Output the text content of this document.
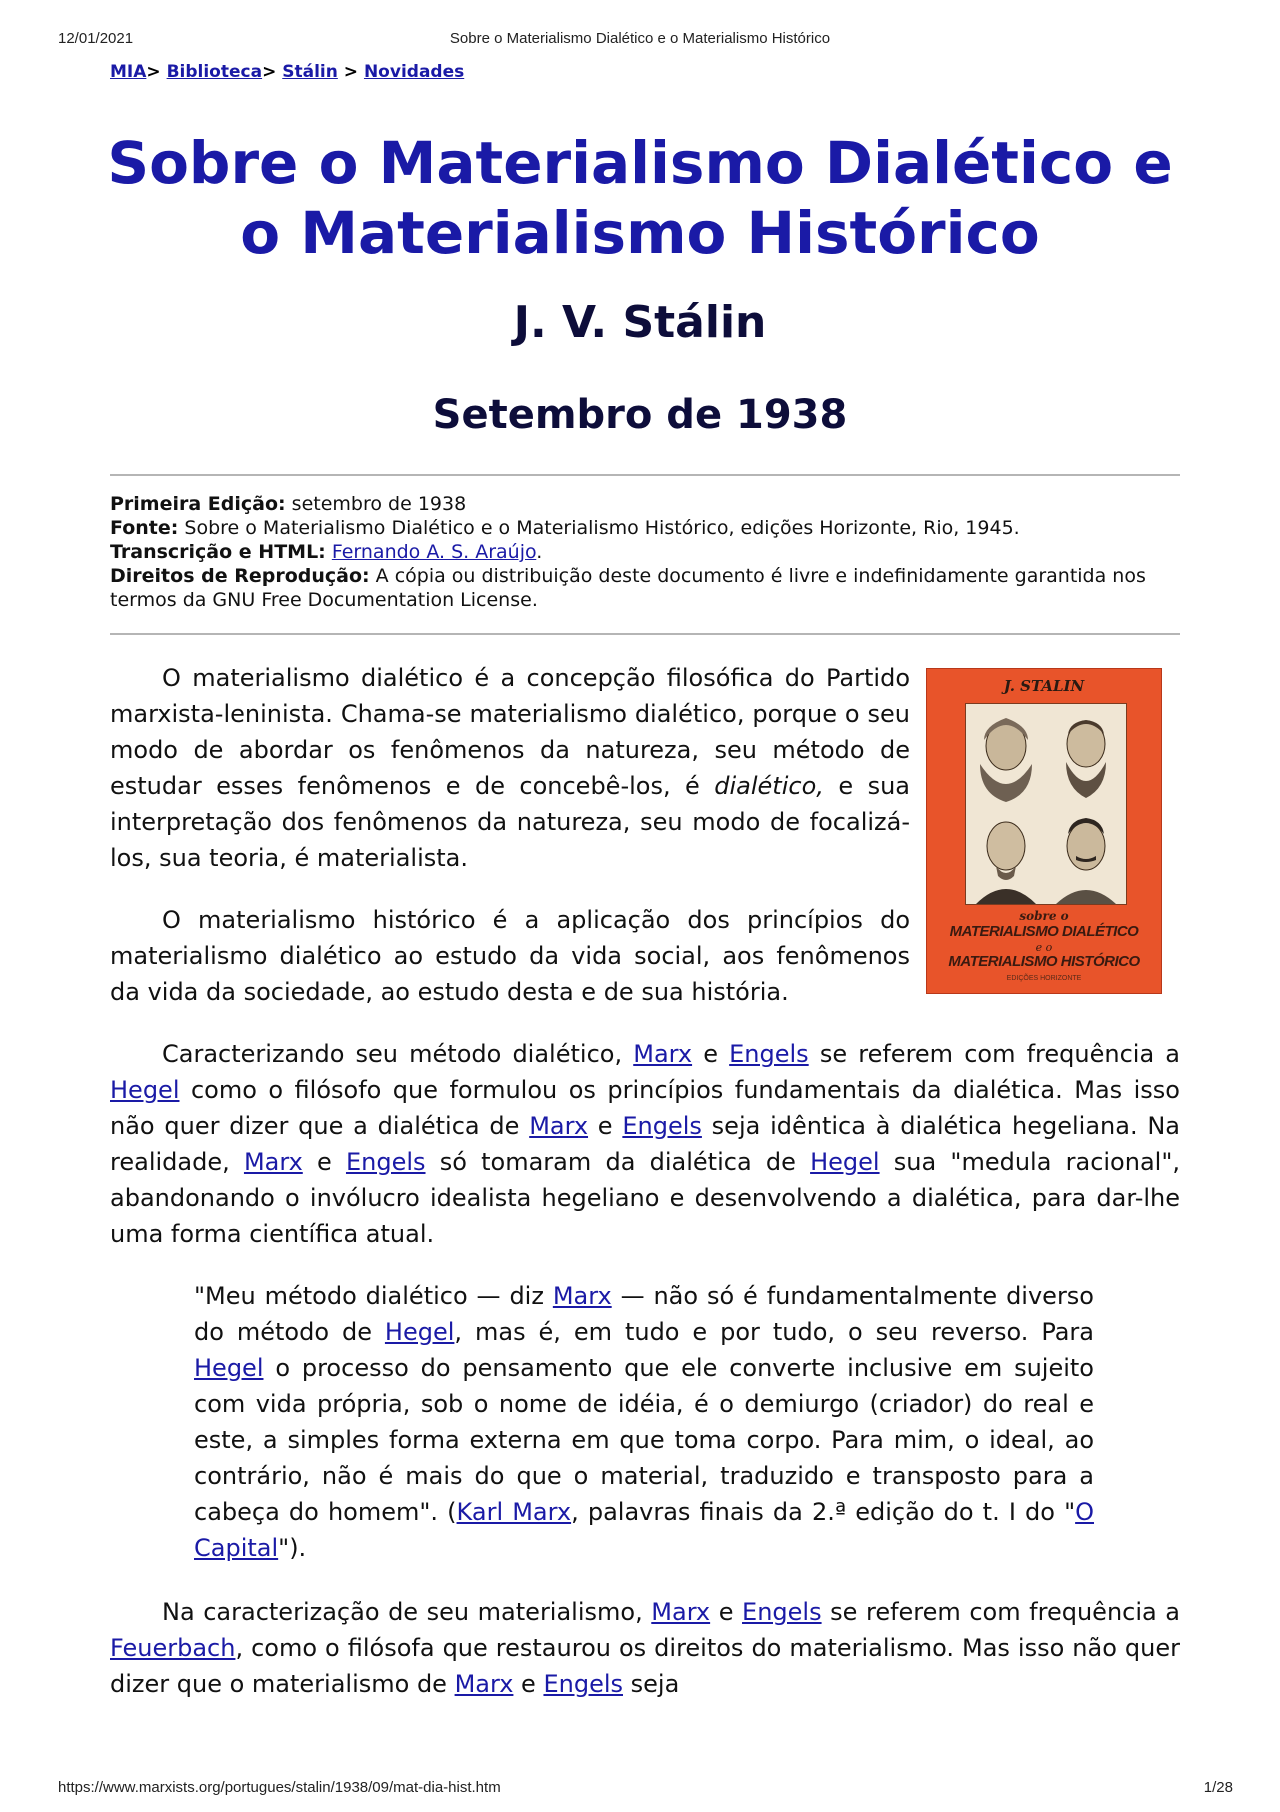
12/01/2021	Sobre o Materialismo Dialético e o Materialismo Histórico
MIA> Biblioteca> Stálin > Novidades
Sobre o Materialismo Dialético e
o Materialismo Histórico
J. V. Stálin
Setembro de 1938
Primeira Edição: setembro de 1938
Fonte: Sobre o Materialismo Dialético e o Materialismo Histórico, edições Horizonte, Rio, 1945.
Transcrição e HTML: Fernando A. S. Araújo.
Direitos de Reprodução: A cópia ou distribuição deste documento é livre e indefinidamente garantida nos termos da GNU Free Documentation License.
J. STALIN
sobre o
MATERIALISMO DIALÉTICO
e o
MATERIALISMO HISTÓRICO
EDIÇÕES HORIZONTE

O materialismo dialético é a concepção filosófica do Partido marxista-leninista. Chama-se materialismo dialético, porque o seu modo de abordar os fenômenos da natureza, seu método de estudar esses fenômenos e de concebê-los, é dialético, e sua interpretação dos fenômenos da natureza, seu modo de focalizá-los, sua teoria, é materialista.

O materialismo histórico é a aplicação dos princípios do materialismo dialético ao estudo da vida social, aos fenômenos da vida da sociedade, ao estudo desta e de sua história.

Caracterizando seu método dialético, Marx e Engels se referem com frequência a Hegel como o filósofo que formulou os princípios fundamentais da dialética. Mas isso não quer dizer que a dialética de Marx e Engels seja idêntica à dialética hegeliana. Na realidade, Marx e Engels só tomaram da dialética de Hegel sua "medula racional", abandonando o invólucro idealista hegeliano e desenvolvendo a dialética, para dar-lhe uma forma científica atual.

"Meu método dialético — diz Marx — não só é fundamentalmente diverso do método de Hegel, mas é, em tudo e por tudo, o seu reverso. Para Hegel o processo do pensamento que ele converte inclusive em sujeito com vida própria, sob o nome de idéia, é o demiurgo (criador) do real e este, a simples forma externa em que toma corpo. Para mim, o ideal, ao contrário, não é mais do que o material, traduzido e transposto para a cabeça do homem". (Karl Marx, palavras finais da 2.ª edição do t. I do "O Capital").

Na caracterização de seu materialismo, Marx e Engels se referem com frequência a Feuerbach, como o filósofa que restaurou os direitos do materialismo. Mas isso não quer dizer que o materialismo de Marx e Engels seja

https://www.marxists.org/portugues/stalin/1938/09/mat-dia-hist.htm	1/28
